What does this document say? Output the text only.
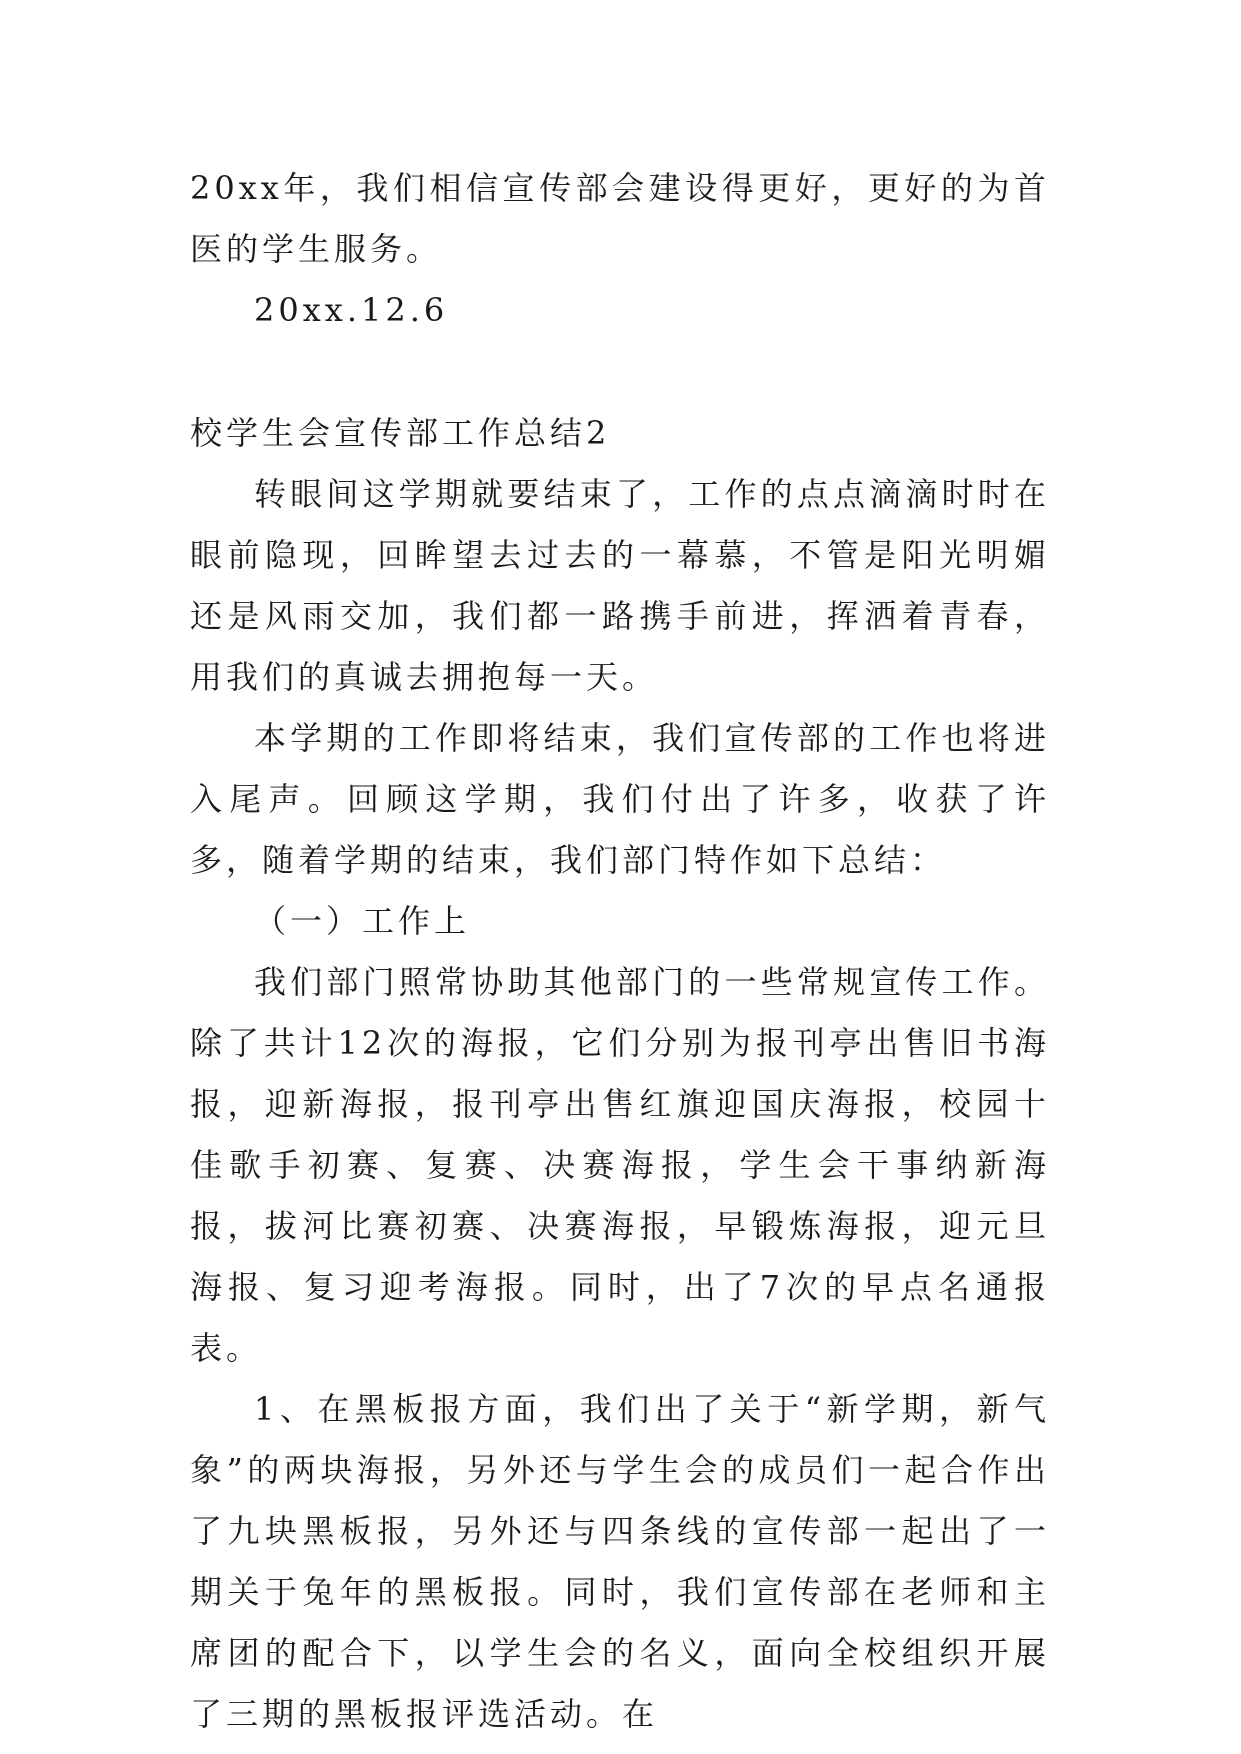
20xx年，我们相信宣传部会建设得更好，更好的为首医的学生服务。

20xx.12.6

校学生会宣传部工作总结2

转眼间这学期就要结束了，工作的点点滴滴时时在眼前隐现，回眸望去过去的一幕慕，不管是阳光明媚还是风雨交加，我们都一路携手前进，挥洒着青春，用我们的真诚去拥抱每一天。

本学期的工作即将结束，我们宣传部的工作也将进入尾声。回顾这学期，我们付出了许多，收获了许多，随着学期的结束，我们部门特作如下总结：

（一）工作上

我们部门照常协助其他部门的一些常规宣传工作。除了共计12次的海报，它们分别为报刊亭出售旧书海报，迎新海报，报刊亭出售红旗迎国庆海报，校园十佳歌手初赛、复赛、决赛海报，学生会干事纳新海报，拔河比赛初赛、决赛海报，早锻炼海报，迎元旦海报、复习迎考海报。同时，出了7次的早点名通报表。

1、在黑板报方面，我们出了关于“新学期，新气象”的两块海报，另外还与学生会的成员们一起合作出了九块黑板报，另外还与四条线的宣传部一起出了一期关于兔年的黑板报。同时，我们宣传部在老师和主席团的配合下，以学生会的名义，面向全校组织开展了三期的黑板报评选活动。在
